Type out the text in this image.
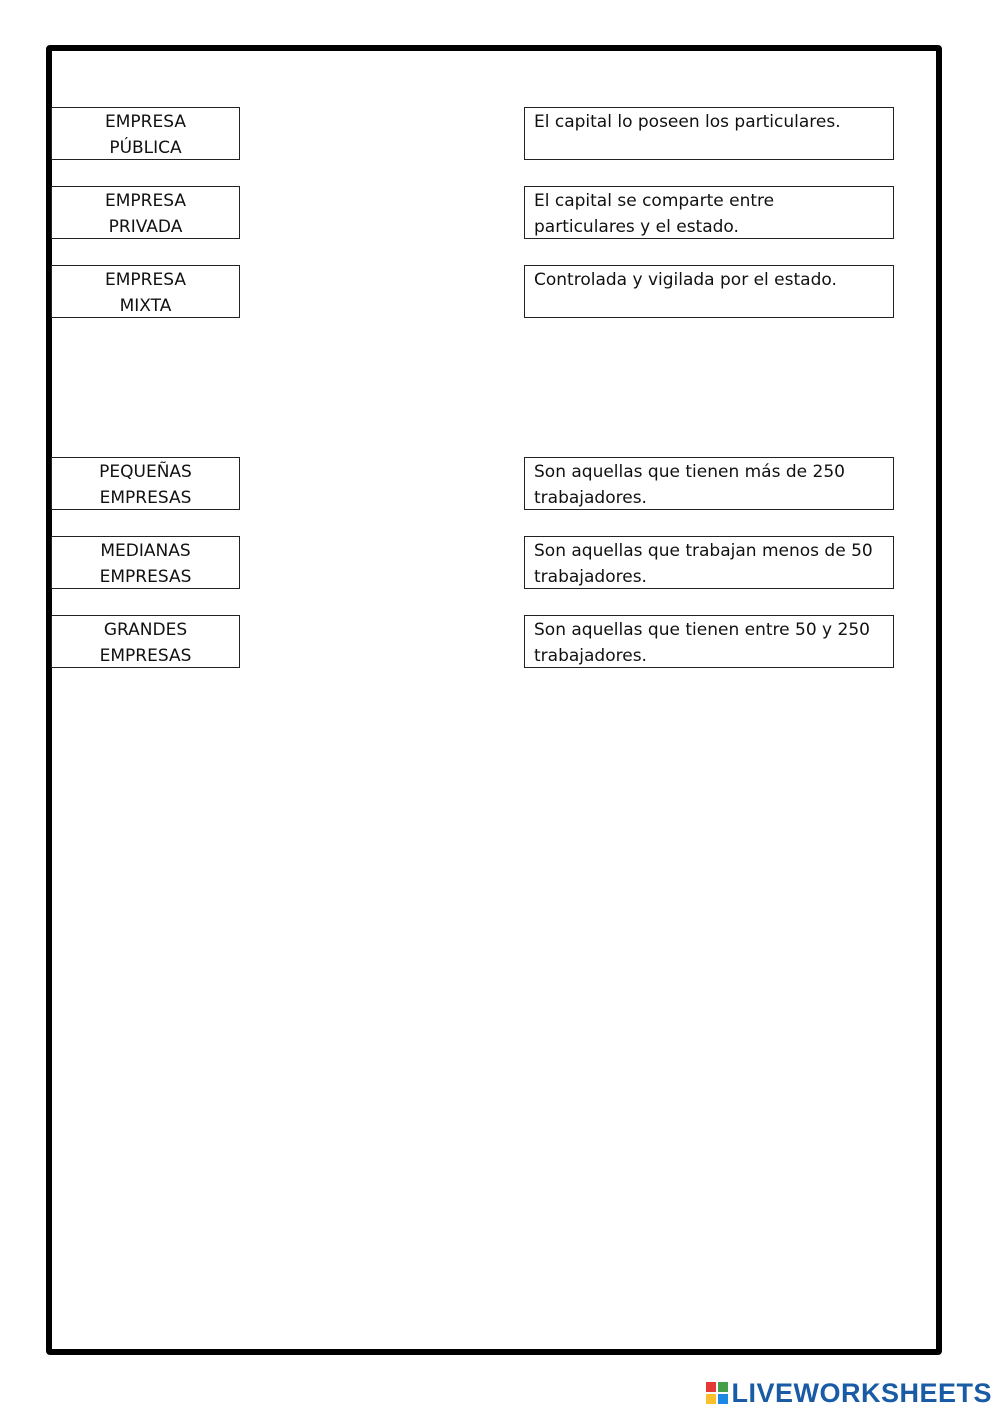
EMPRESA
PÚBLICA
EMPRESA
PRIVADA
EMPRESA
MIXTA
El capital lo poseen los particulares.
El capital se comparte entre
particulares y el estado.
Controlada y vigilada por el estado.
PEQUEÑAS
EMPRESAS
MEDIANAS
EMPRESAS
GRANDES
EMPRESAS
Son aquellas que tienen más de 250
trabajadores.
Son aquellas que trabajan menos de 50
trabajadores.
Son aquellas que tienen entre 50 y 250
trabajadores.
LIVEWORKSHEETS
